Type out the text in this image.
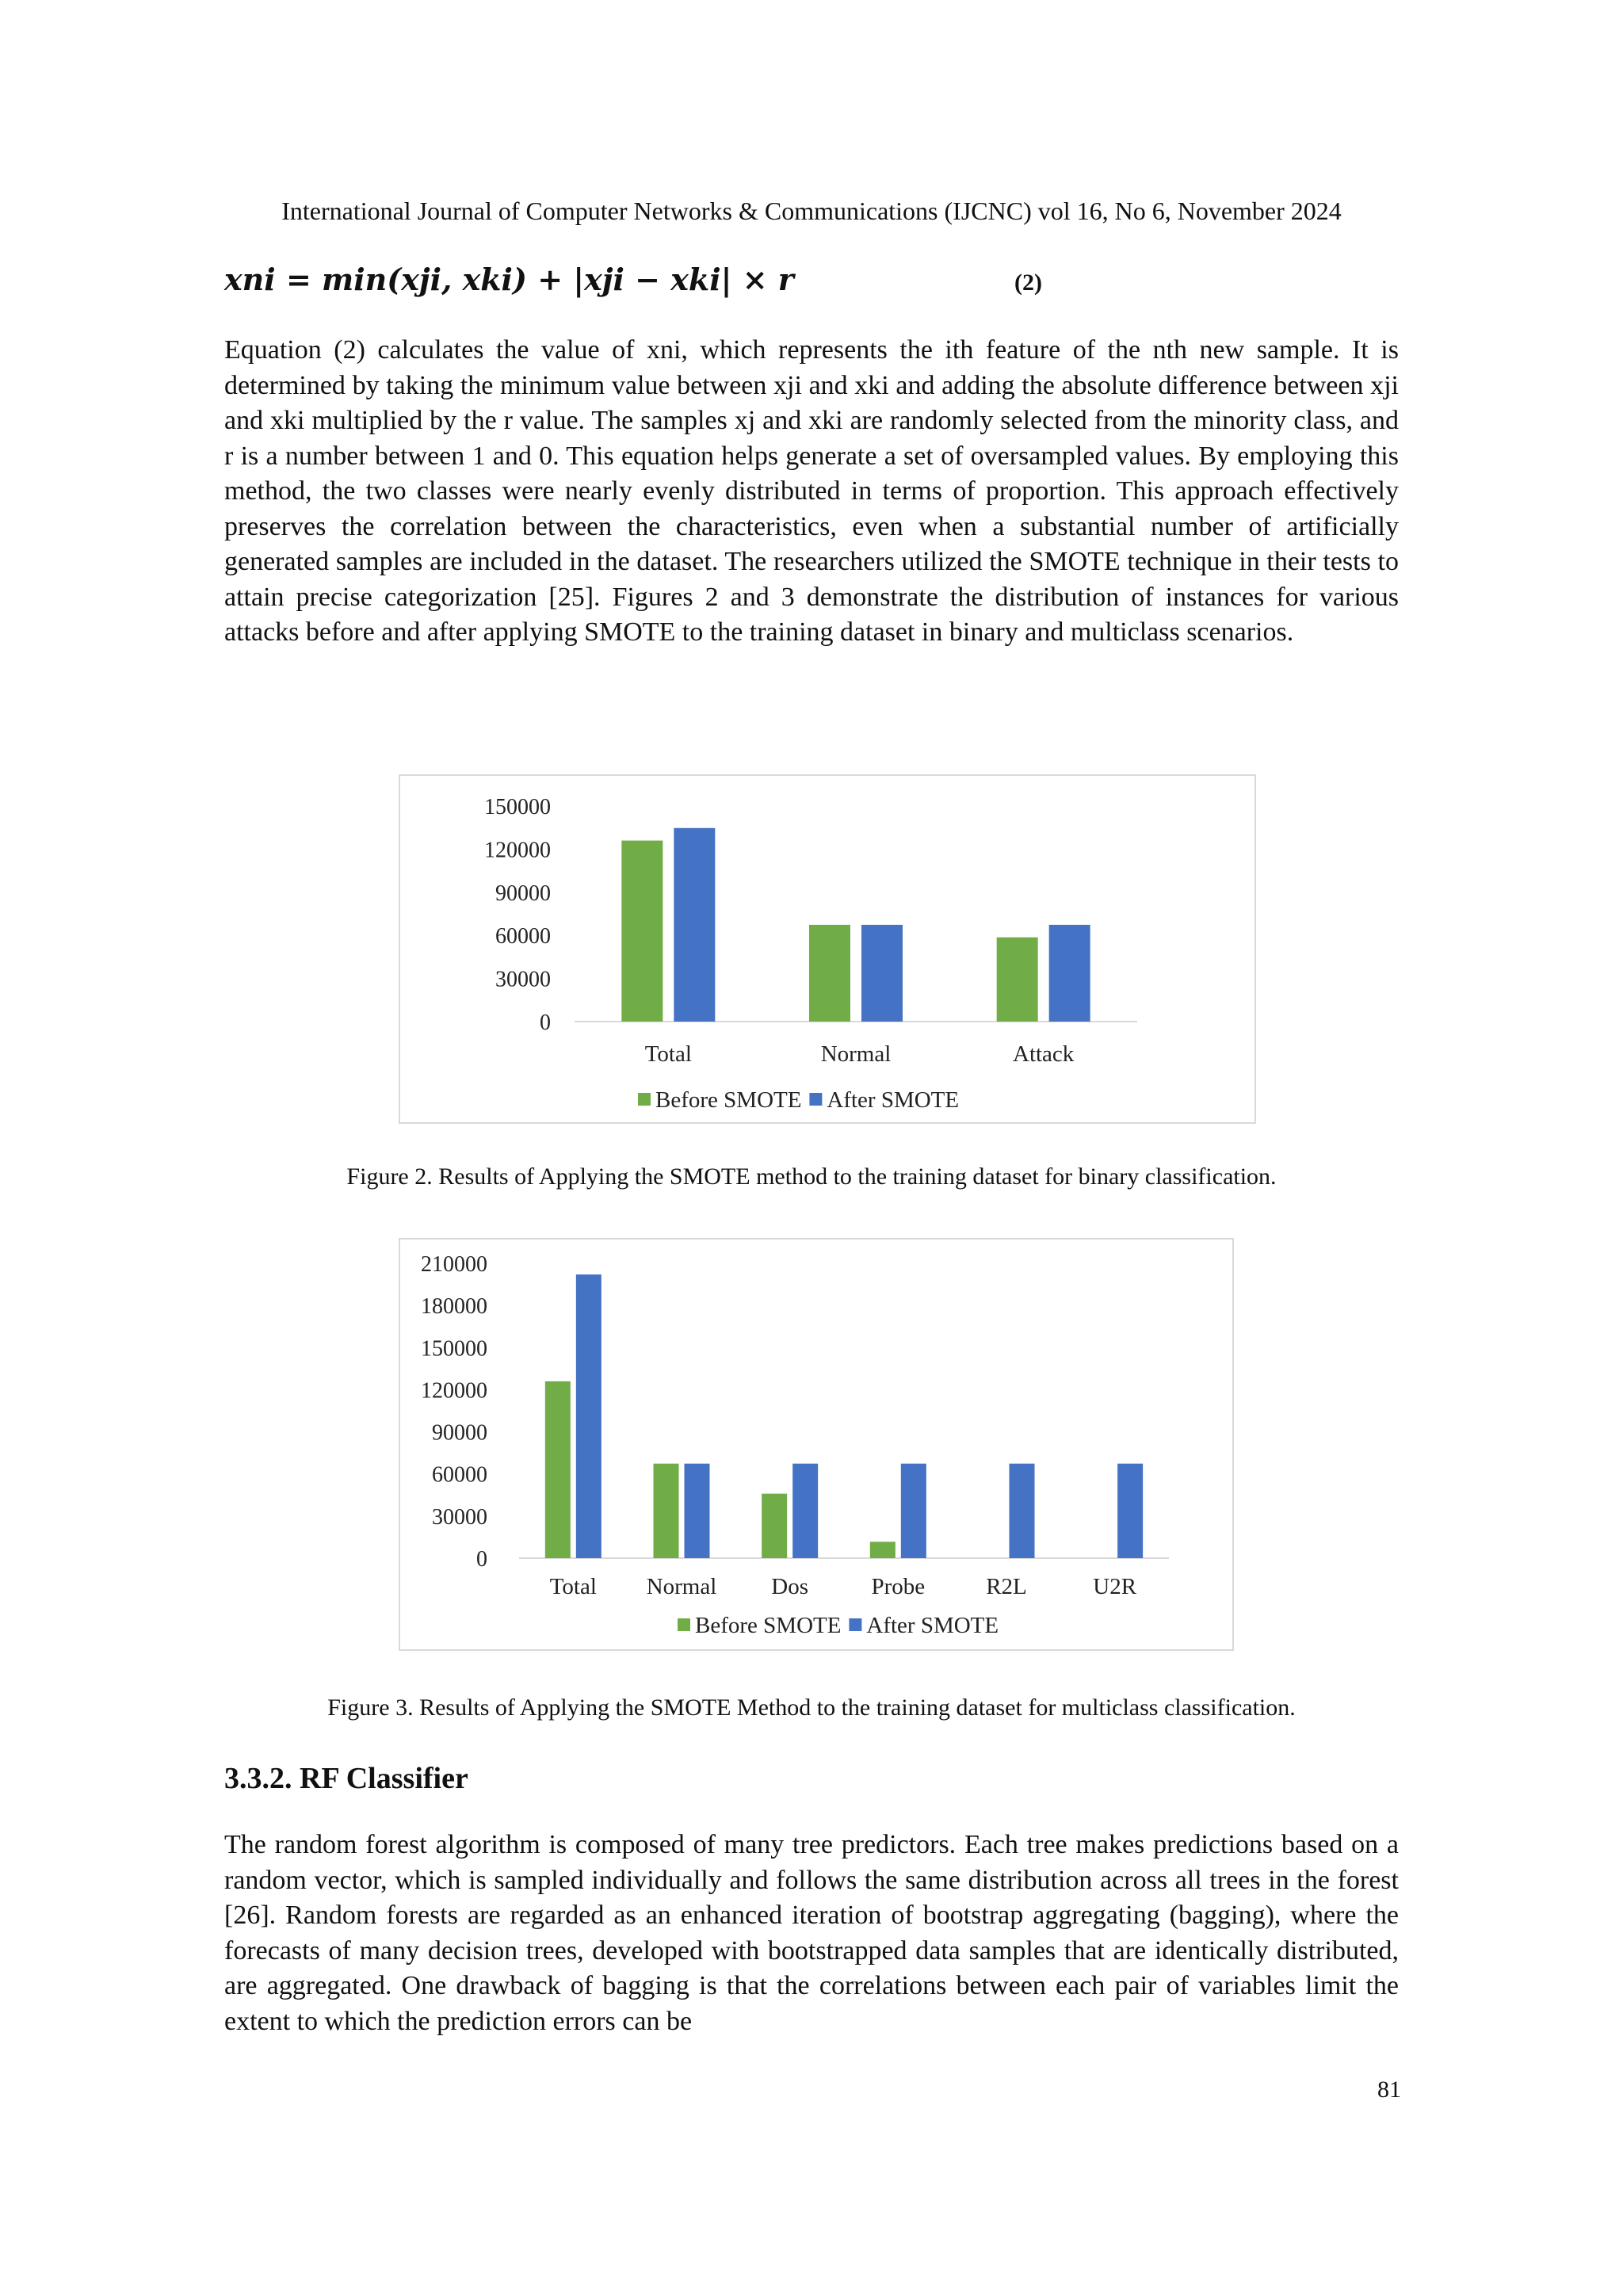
International Journal of Computer Networks & Communications (IJCNC) vol 16, No 6, November 2024
xni = min(xji, xki) + |xji − xki| × r	(2)

Equation (2) calculates the value of xni, which represents the ith feature of the nth new sample. It is determined by taking the minimum value between xji and xki and adding the absolute difference between xji and xki multiplied by the r value. The samples xj and xki are randomly selected from the minority class, and r is a number between 1 and 0. This equation helps generate a set of oversampled values. By employing this method, the two classes were nearly evenly distributed in terms of proportion. This approach effectively preserves the correlation between the characteristics, even when a substantial number of artificially generated samples are included in the dataset. The researchers utilized the SMOTE technique in their tests to attain precise categorization [25]. Figures 2 and 3 demonstrate the distribution of instances for various attacks before and after applying SMOTE to the training dataset in binary and multiclass scenarios.

0
30000
60000
90000
120000
150000
Total	Normal	Attack
Before SMOTE After SMOTE
Figure 2. Results of Applying the SMOTE method to the training dataset for binary classification.
0
30000
60000
90000
120000
150000
180000
210000
Total Normal Dos	Probe	R2L	U2R
Before SMOTE After SMOTE
Figure 3. Results of Applying the SMOTE Method to the training dataset for multiclass classification.
3.3.2. RF Classifier

The random forest algorithm is composed of many tree predictors. Each tree makes predictions based on a random vector, which is sampled individually and follows the same distribution across all trees in the forest [26]. Random forests are regarded as an enhanced iteration of bootstrap aggregating (bagging), where the forecasts of many decision trees, developed with bootstrapped data samples that are identically distributed, are aggregated. One drawback of bagging is that the correlations between each pair of variables limit the extent to which the prediction errors can be

81
